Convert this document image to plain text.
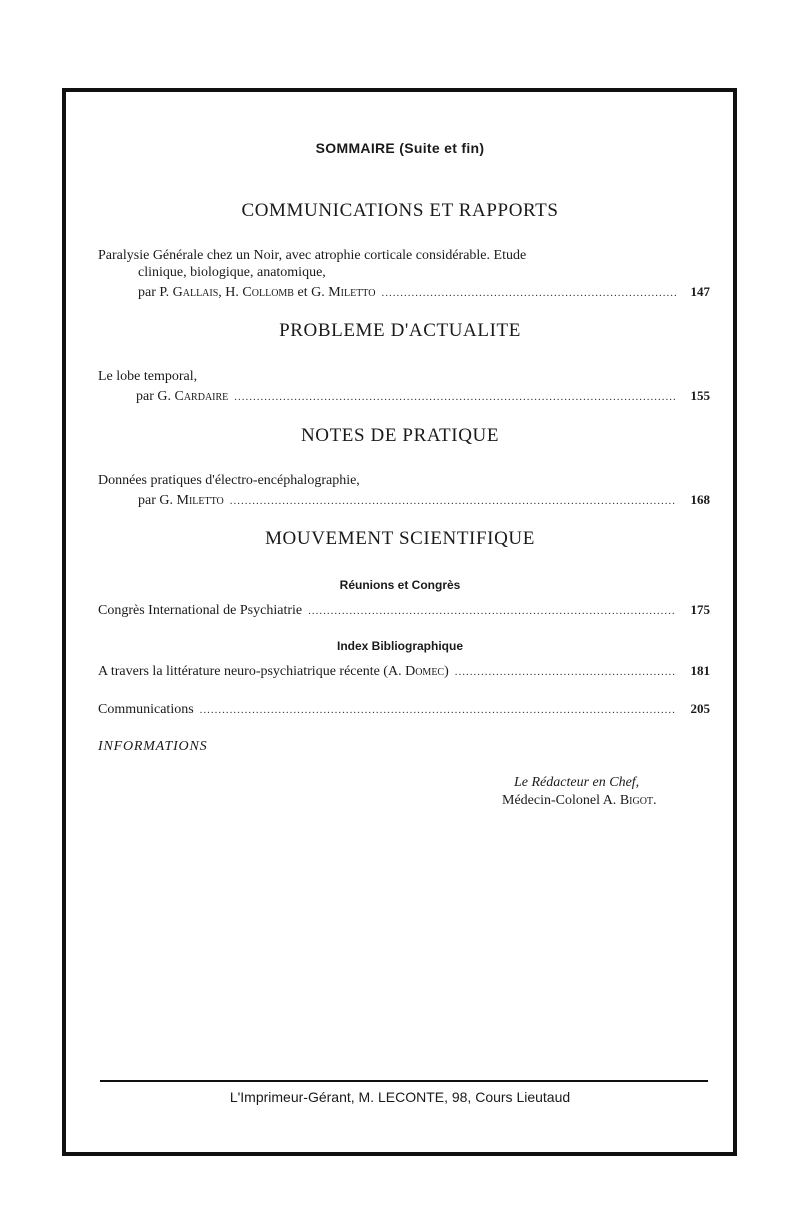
SOMMAIRE (Suite et fin)
COMMUNICATIONS ET RAPPORTS
Paralysie Générale chez un Noir, avec atrophie corticale considérable. Etude
clinique, biologique, anatomique,
par P. Gallais, H. Collomb et G. Miletto .....	147
PROBLEME D'ACTUALITE
Le lobe temporal,
par G. Cardaire .....	155
NOTES DE PRATIQUE
Données pratiques d'électro-encéphalographie,
par G. Miletto .....	168
MOUVEMENT SCIENTIFIQUE
Réunions et Congrès
Congrès International de Psychiatrie .....	175
Index Bibliographique
A travers la littérature neuro-psychiatrique récente (A. Domec) .....	181
Communications .....	205
INFORMATIONS
Le Rédacteur en Chef,
Médecin-Colonel A. Bigot.
L'Imprimeur-Gérant, M. LECONTE, 98, Cours Lieutaud
